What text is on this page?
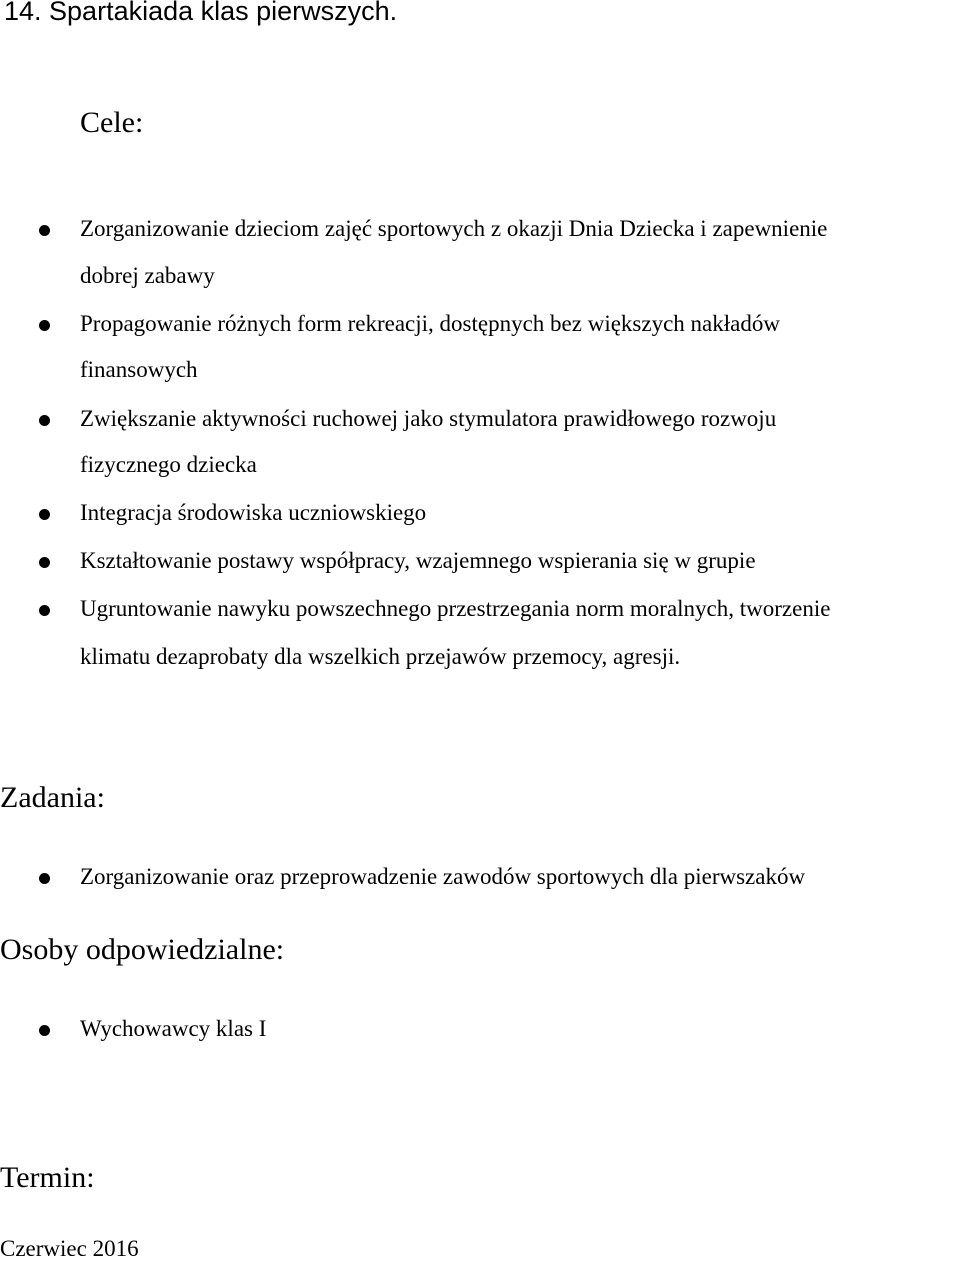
14. Spartakiada klas pierwszych.
Cele:
Zorganizowanie dzieciom zajęć sportowych z okazji Dnia Dziecka i zapewnienie
dobrej zabawy
Propagowanie różnych form rekreacji, dostępnych bez większych nakładów
finansowych
Zwiększanie aktywności ruchowej jako stymulatora prawidłowego rozwoju
fizycznego dziecka
Integracja środowiska uczniowskiego
Kształtowanie postawy współpracy, wzajemnego wspierania się w grupie
Ugruntowanie nawyku powszechnego przestrzegania norm moralnych, tworzenie
klimatu dezaprobaty dla wszelkich przejawów przemocy, agresji.
Zadania:
Zorganizowanie oraz przeprowadzenie zawodów sportowych dla pierwszaków
Osoby odpowiedzialne:
Wychowawcy klas I
Termin:
Czerwiec 2016
